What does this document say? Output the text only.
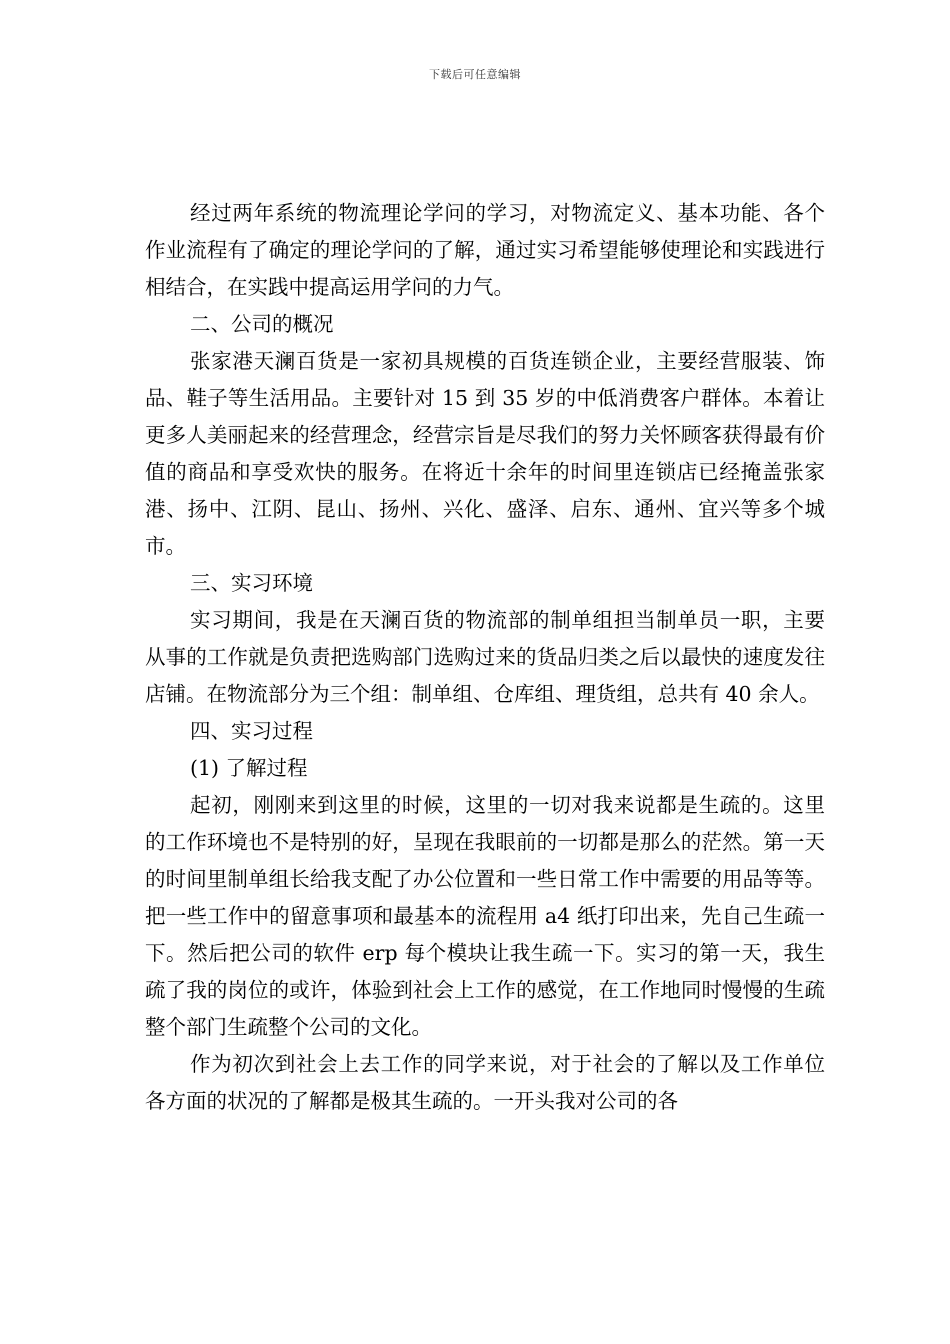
下载后可任意编辑

经过两年系统的物流理论学问的学习，对物流定义、基本功能、各个作业流程有了确定的理论学问的了解，通过实习希望能够使理论和实践进行相结合，在实践中提高运用学问的力气。

二、公司的概况

张家港天澜百货是一家初具规模的百货连锁企业，主要经营服装、饰品、鞋子等生活用品。主要针对 15 到 35 岁的中低消费客户群体。本着让更多人美丽起来的经营理念，经营宗旨是尽我们的努力关怀顾客获得最有价值的商品和享受欢快的服务。在将近十余年的时间里连锁店已经掩盖张家港、扬中、江阴、昆山、扬州、兴化、盛泽、启东、通州、宜兴等多个城市。

三、实习环境

实习期间，我是在天澜百货的物流部的制单组担当制单员一职，主要从事的工作就是负责把选购部门选购过来的货品归类之后以最快的速度发往店铺。在物流部分为三个组：制单组、仓库组、理货组，总共有 40 余人。

四、实习过程

(1) 了解过程

起初，刚刚来到这里的时候，这里的一切对我来说都是生疏的。这里的工作环境也不是特别的好，呈现在我眼前的一切都是那么的茫然。第一天的时间里制单组长给我支配了办公位置和一些日常工作中需要的用品等等。把一些工作中的留意事项和最基本的流程用 a4 纸打印出来，先自己生疏一下。然后把公司的软件 erp 每个模块让我生疏一下。实习的第一天，我生疏了我的岗位的或许，体验到社会上工作的感觉，在工作地同时慢慢的生疏整个部门生疏整个公司的文化。

作为初次到社会上去工作的同学来说，对于社会的了解以及工作单位各方面的状况的了解都是极其生疏的。一开头我对公司的各
